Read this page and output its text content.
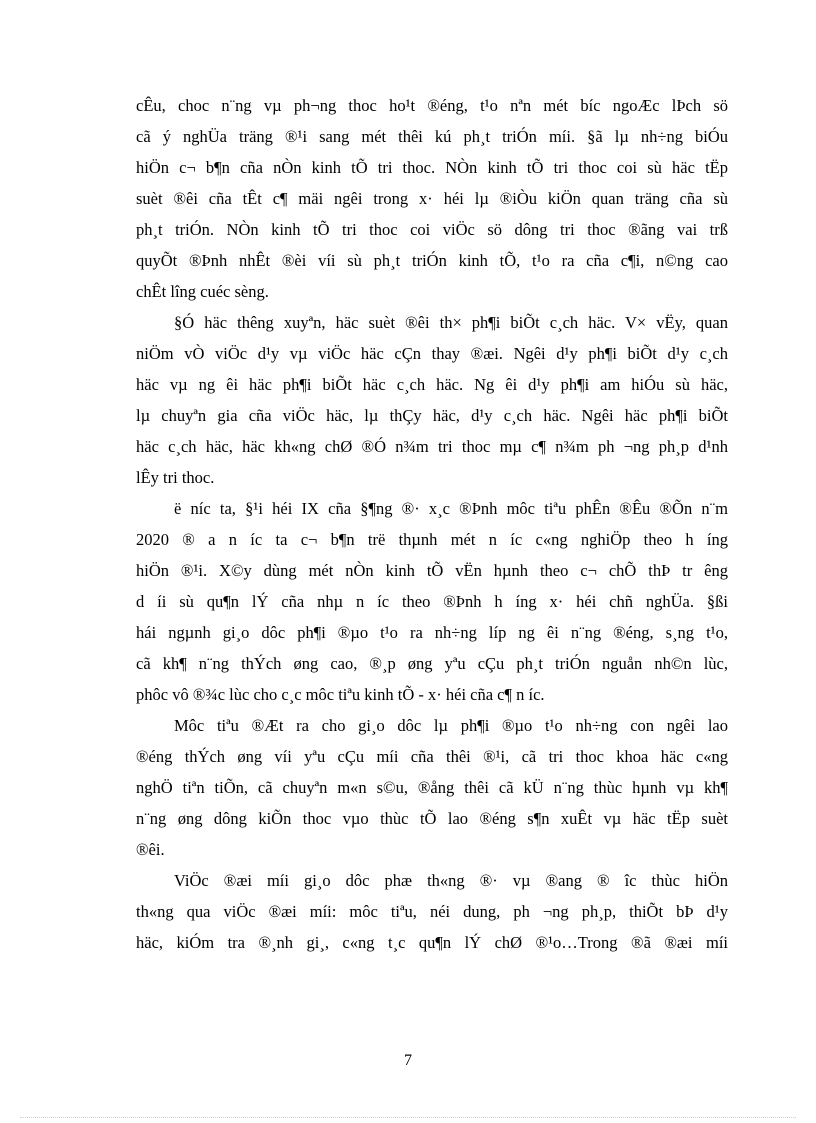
cÊu, choc n¨ng vµ ph¬ng thoc ho¹t ®éng, t¹o nªn mét bíc ngoÆc lÞch sö
cã ý nghÜa träng ®¹i sang mét thêi kú ph¸t triÓn míi. §ã lµ nh÷ng biÓu
hiÖn c¬ b¶n cña nÒn kinh tÕ tri thoc. NÒn kinh tÕ tri thoc coi sù häc tËp
suèt ®êi cña tÊt c¶ mäi ngêi trong x· héi lµ ®iÒu kiÖn quan träng cña sù
ph¸t triÓn. NÒn kinh tÕ tri thoc coi viÖc sö dông tri thoc ®ãng vai trß
quyÕt ®Þnh nhÊt ®èi víi sù ph¸t triÓn kinh tÕ, t¹o ra cña c¶i, n©ng cao
chÊt lîng cuéc sèng.
§Ó häc thêng xuyªn, häc suèt ®êi th× ph¶i biÕt c¸ch häc. V× vËy, quan
niÖm vÒ viÖc d¹y vµ viÖc häc cÇn thay ®æi. Ngêi d¹y ph¶i biÕt d¹y c¸ch
häc vµ ng êi häc ph¶i biÕt häc c¸ch häc. Ng êi d¹y ph¶i am hiÓu sù häc,
lµ chuyªn gia cña viÖc häc, lµ thÇy häc, d¹y c¸ch häc. Ngêi häc ph¶i biÕt
häc c¸ch häc, häc kh«ng chØ ®Ó n¾m tri thoc mµ c¶ n¾m ph ¬ng ph¸p d¹nh
lÊy tri thoc.
ë níc ta, §¹i héi IX cña §¶ng ®· x¸c ®Þnh môc tiªu phÊn ®Êu ®Õn n¨m
2020 ® a n íc ta c¬ b¶n trë thµnh mét n íc c«ng nghiÖp theo h íng
hiÖn ®¹i. X©y dùng mét nÒn kinh tÕ vËn hµnh theo c¬ chÕ thÞ tr êng
d íi sù qu¶n lÝ cña nhµ n íc theo ®Þnh h íng x· héi chñ nghÜa. §ßi
hái ngµnh gi¸o dôc ph¶i ®µo t¹o ra nh÷ng líp ng êi n¨ng ®éng, s¸ng t¹o,
cã kh¶ n¨ng thÝch øng cao, ®¸p øng yªu cÇu ph¸t triÓn nguån nh©n lùc,
phôc vô ®¾c lùc cho c¸c môc tiªu kinh tÕ - x· héi cña c¶ n íc.
Môc tiªu ®Æt ra cho gi¸o dôc lµ ph¶i ®µo t¹o nh÷ng con ngêi lao
®éng thÝch øng víi yªu cÇu míi cña thêi ®¹i, cã tri thoc khoa häc c«ng
nghÖ tiªn tiÕn, cã chuyªn m«n s©u, ®ång thêi cã kÜ n¨ng thùc hµnh vµ kh¶
n¨ng øng dông kiÕn thoc vµo thùc tÕ lao ®éng s¶n xuÊt vµ häc tËp suèt
®êi.
ViÖc ®æi míi gi¸o dôc phæ th«ng ®· vµ ®ang ® îc thùc hiÖn
th«ng qua viÖc ®æi míi: môc tiªu, néi dung, ph ¬ng ph¸p, thiÕt bÞ d¹y
häc, kiÓm tra ®¸nh gi¸, c«ng t¸c qu¶n lÝ chØ ®¹o…Trong ®ã ®æi míi
7
